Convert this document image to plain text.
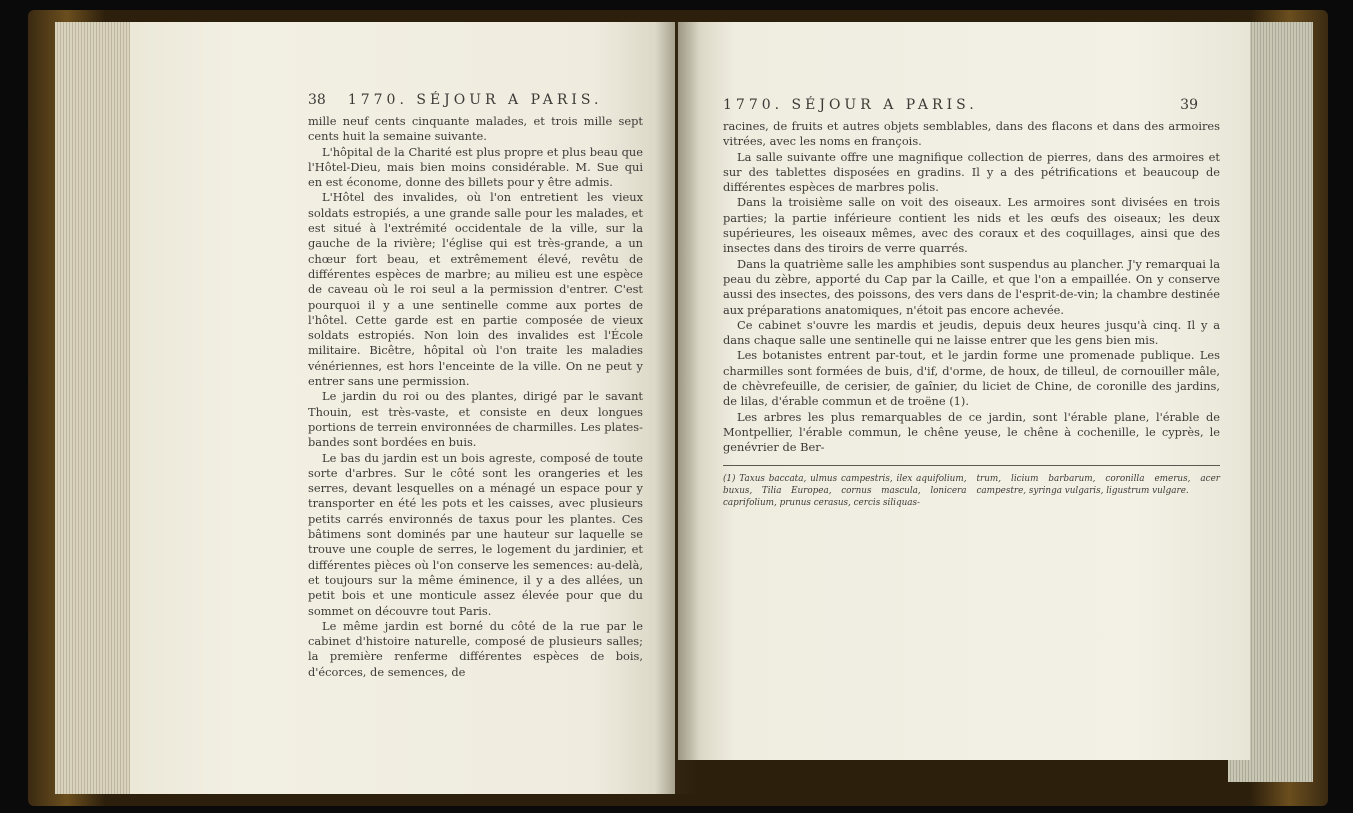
38 1770. SÉJOUR A PARIS.

mille neuf cents cinquante malades, et trois mille sept cents huit la semaine suivante.

L'hôpital de la Charité est plus propre et plus beau que l'Hôtel-Dieu, mais bien moins considérable. M. Sue qui en est économe, donne des billets pour y être admis.

L'Hôtel des invalides, où l'on entretient les vieux soldats estropiés, a une grande salle pour les malades, et est situé à l'extrémité occidentale de la ville, sur la gauche de la rivière; l'église qui est très-grande, a un chœur fort beau, et extrêmement élevé, revêtu de différentes espèces de marbre; au milieu est une espèce de caveau où le roi seul a la permission d'entrer. C'est pourquoi il y a une sentinelle comme aux portes de l'hôtel. Cette garde est en partie composée de vieux soldats estropiés. Non loin des invalides est l'École militaire. Bicêtre, hôpital où l'on traite les maladies vénériennes, est hors l'enceinte de la ville. On ne peut y entrer sans une permission.

Le jardin du roi ou des plantes, dirigé par le savant Thouin, est très-vaste, et consiste en deux longues portions de terrein environnées de charmilles. Les plates-bandes sont bordées en buis.

Le bas du jardin est un bois agreste, composé de toute sorte d'arbres. Sur le côté sont les orangeries et les serres, devant lesquelles on a ménagé un espace pour y transporter en été les pots et les caisses, avec plusieurs petits carrés environnés de taxus pour les plantes. Ces bâtimens sont dominés par une hauteur sur laquelle se trouve une couple de serres, le logement du jardinier, et différentes pièces où l'on conserve les semences: au-delà, et toujours sur la même éminence, il y a des allées, un petit bois et une monticule assez élevée pour que du sommet on découvre tout Paris.

Le même jardin est borné du côté de la rue par le cabinet d'histoire naturelle, composé de plusieurs salles; la première renferme différentes espèces de bois, d'écorces, de semences, de

1770. SÉJOUR A PARIS.	39

racines, de fruits et autres objets semblables, dans des flacons et dans des armoires vitrées, avec les noms en françois.

La salle suivante offre une magnifique collection de pierres, dans des armoires et sur des tablettes disposées en gradins. Il y a des pétrifications et beaucoup de différentes espèces de marbres polis.

Dans la troisième salle on voit des oiseaux. Les armoires sont divisées en trois parties; la partie inférieure contient les nids et les œufs des oiseaux; les deux supérieures, les oiseaux mêmes, avec des coraux et des coquillages, ainsi que des insectes dans des tiroirs de verre quarrés.

Dans la quatrième salle les amphibies sont suspendus au plancher. J'y remarquai la peau du zèbre, apporté du Cap par la Caille, et que l'on a empaillée. On y conserve aussi des insectes, des poissons, des vers dans de l'esprit-de-vin; la chambre destinée aux préparations anatomiques, n'étoit pas encore achevée.

Ce cabinet s'ouvre les mardis et jeudis, depuis deux heures jusqu'à cinq. Il y a dans chaque salle une sentinelle qui ne laisse entrer que les gens bien mis.

Les botanistes entrent par-tout, et le jardin forme une promenade publique. Les charmilles sont formées de buis, d'if, d'orme, de houx, de tilleul, de cornouiller mâle, de chèvrefeuille, de cerisier, de gaînier, du liciet de Chine, de coronille des jardins, de lilas, d'érable commun et de troëne (1).

Les arbres les plus remarquables de ce jardin, sont l'érable plane, l'érable de Montpellier, l'érable commun, le chêne yeuse, le chêne à cochenille, le cyprès, le genévrier de Ber-

(1) Taxus baccata, ulmus campestris, ilex aquifolium, buxus, Tilia Europea, cornus mascula, lonicera caprifolium, prunus cerasus, cercis siliquas-
trum, licium barbarum, coronilla emerus, acer campestre, syringa vulgaris, ligustrum vulgare.
